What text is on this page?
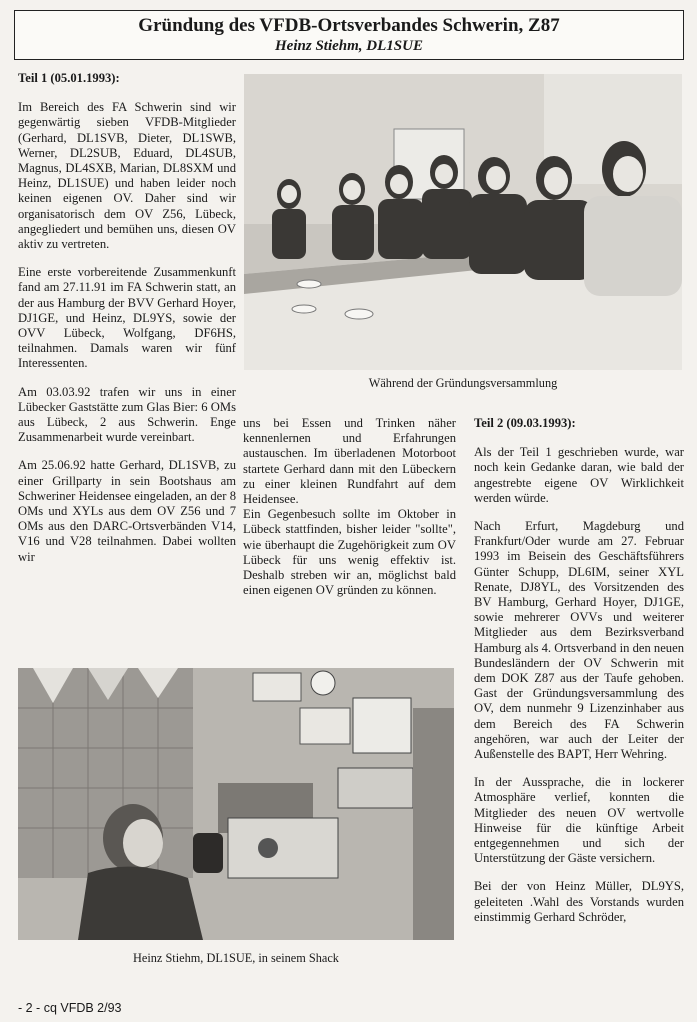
Gründung des VFDB-Ortsverbandes Schwerin, Z87
Heinz Stiehm, DL1SUE
Teil 1 (05.01.1993):

Im Bereich des FA Schwerin sind wir gegenwärtig sieben VFDB-Mitglieder (Gerhard, DL1SVB, Dieter, DL1SWB, Werner, DL2SUB, Eduard, DL4SUB, Magnus, DL4SXB, Marian, DL8SXM und Heinz, DL1SUE) und haben leider noch keinen eigenen OV. Daher sind wir organisatorisch dem OV Z56, Lübeck, angegliedert und bemühen uns, diesen OV aktiv zu vertreten.

Eine erste vorbereitende Zusammenkunft fand am 27.11.91 im FA Schwerin statt, an der aus Hamburg der BVV Gerhard Hoyer, DJ1GE, und Heinz, DL9YS, sowie der OVV Lübeck, Wolfgang, DF6HS, teilnahmen. Damals waren wir fünf Interessenten.

Am 03.03.92 trafen wir uns in einer Lübecker Gaststätte zum Glas Bier: 6 OMs aus Lübeck, 2 aus Schwerin. Enge Zusammenarbeit wurde vereinbart.

Am 25.06.92 hatte Gerhard, DL1SVB, zu einer Grillparty in sein Bootshaus am Schweriner Heidensee eingeladen, an der 8 OMs und XYLs aus dem OV Z56 und 7 OMs aus den DARC-Ortsverbänden V14, V16 und V28 teilnahmen. Dabei wollten wir

Während der Gründungsversammlung

uns bei Essen und Trinken näher kennenlernen und Erfahrungen austauschen. Im überladenen Motorboot startete Gerhard dann mit den Lübeckern zu einer kleinen Rundfahrt auf dem Heidensee.

Ein Gegenbesuch sollte im Oktober in Lübeck stattfinden, bisher leider "sollte", wie überhaupt die Zugehörigkeit zum OV Lübeck für uns wenig effektiv ist. Deshalb streben wir an, möglichst bald einen eigenen OV gründen zu können.

Teil 2 (09.03.1993):

Als der Teil 1 geschrieben wurde, war noch kein Gedanke daran, wie bald der angestrebte eigene OV Wirklichkeit werden würde.

Nach Erfurt, Magdeburg und Frankfurt/Oder wurde am 27. Februar 1993 im Beisein des Geschäftsführers Günter Schupp, DL6IM, seiner XYL Renate, DJ8YL, des Vorsitzenden des BV Hamburg, Gerhard Hoyer, DJ1GE, sowie mehrerer OVVs und weiterer Mitglieder aus dem Bezirksverband Hamburg als 4. Ortsverband in den neuen Bundesländern der OV Schwerin mit dem DOK Z87 aus der Taufe gehoben. Gast der Gründungsversammlung des OV, dem nunmehr 9 Lizenzinhaber aus dem Bereich des FA Schwerin angehören, war auch der Leiter der Außenstelle des BAPT, Herr Wehring.

In der Aussprache, die in lockerer Atmosphäre verlief, konnten die Mitglieder des neuen OV wertvolle Hinweise für die künftige Arbeit entgegennehmen und sich der Unterstützung der Gäste versichern.

Bei der von Heinz Müller, DL9YS, geleiteten .Wahl des Vorstands wurden einstimmig Gerhard Schröder,

Heinz Stiehm, DL1SUE, in seinem Shack
- 2 - cq VFDB 2/93
